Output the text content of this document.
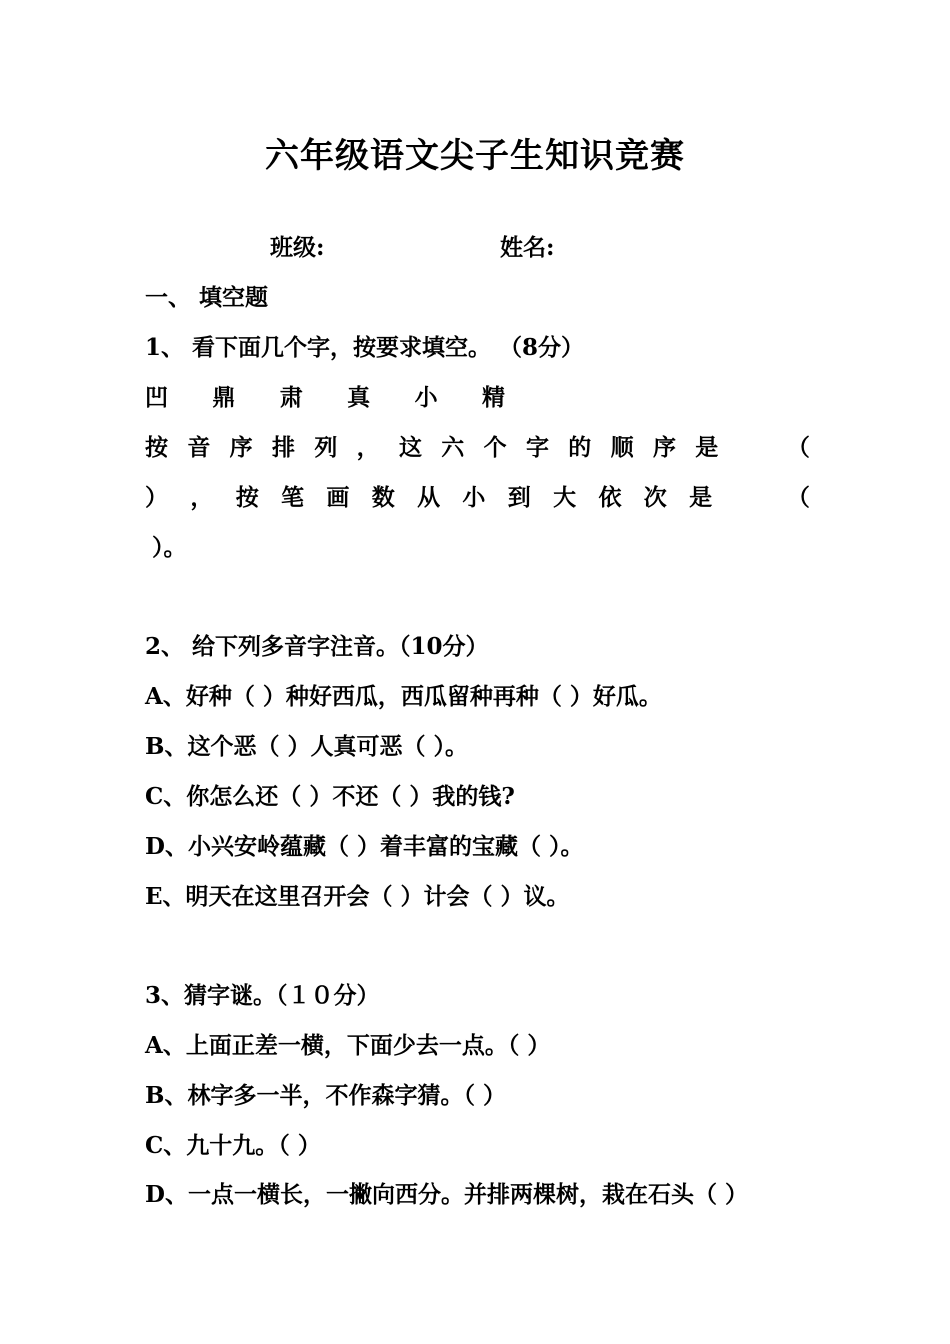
六年级语文尖子生知识竞赛
班级:	姓名:
一、 填空题
1、 看下面几个字，按要求填空。 （8分）
凹 鼎 肃 真 小 精
按 音 序 排 列 ， 这 六 个 字 的 顺 序 是	（
） ， 按 笔 画 数 从 小 到 大 依 次 是	（
）。
2、 给下列多音字注音。（10分）
A、好种（ ）种好西瓜，西瓜留种再种（ ）好瓜。
B、这个恶（ ）人真可恶（ ）。
C、你怎么还（ ）不还（ ）我的钱?
D、小兴安岭蕴藏（ ）着丰富的宝藏（ ）。
E、明天在这里召开会（ ）计会（ ）议。
3、猜字谜。（１０分）
A、上面正差一横，下面少去一点。（ ）
B、林字多一半，不作森字猜。（ ）
C、九十九。（ ）
D、一点一横长，一撇向西分。并排两棵树，栽在石头（ ）
